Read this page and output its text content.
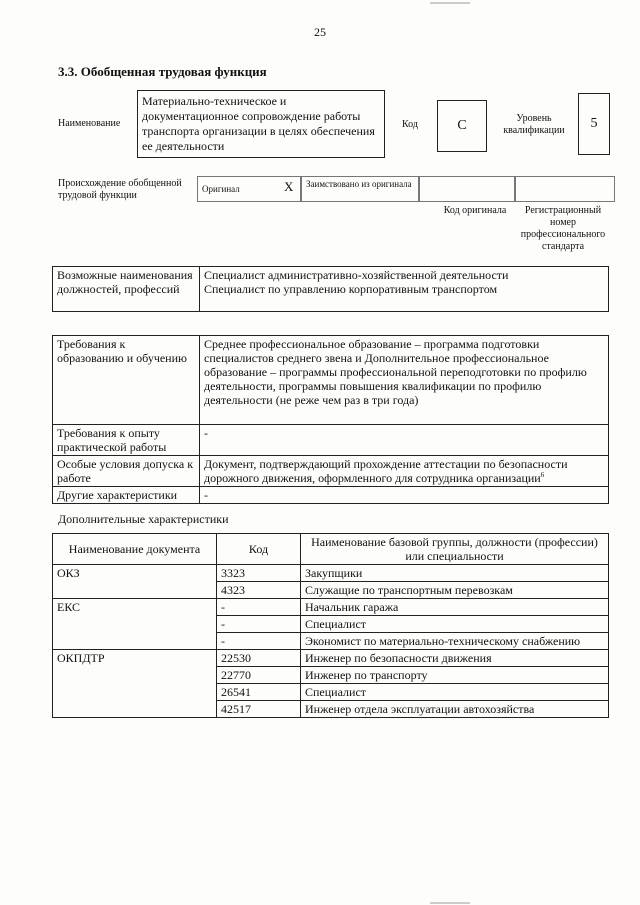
25
3.3. Обобщенная трудовая функция
Наименование
Материально-техническое и документационное сопровождение работы транспорта организации в целях обеспечения ее деятельности
Код	C	Уровень квалификации	5
Происхождение обобщенной трудовой функции
Оригинал	X	Заимствовано из оригинала
Код оригинала	Регистрационный номер профессионального стандарта
Возможные наименования должностей, профессий	
Специалист административно-хозяйственной деятельности
Специалист по управлению корпоративным транспортом
Требования к образованию и обучению	Среднее профессиональное образование – программа подготовки специалистов среднего звена и Дополнительное профессиональное образование – программы профессиональной переподготовки по профилю деятельности, программы повышения квалификации по профилю деятельности (не реже чем раз в три года)
Требования к опыту практической работы	-
Особые условия допуска к работе	Документ, подтверждающий прохождение аттестации по безопасности дорожного движения, оформленного для сотрудника организации$^6$
Другие характеристики	-
Дополнительные характеристики
Наименование документа	Код	Наименование базовой группы, должности (профессии) или специальности
ОКЗ	3323	Закупщики
	4323	Служащие по транспортным перевозкам
ЕКС	-	Начальник гаража
	-	Специалист
	-	Экономист по материально-техническому снабжению
ОКПДТР	22530	Инженер по безопасности движения
	22770	Инженер по транспорту
	26541	Специалист
	42517	Инженер отдела эксплуатации автохозяйства
